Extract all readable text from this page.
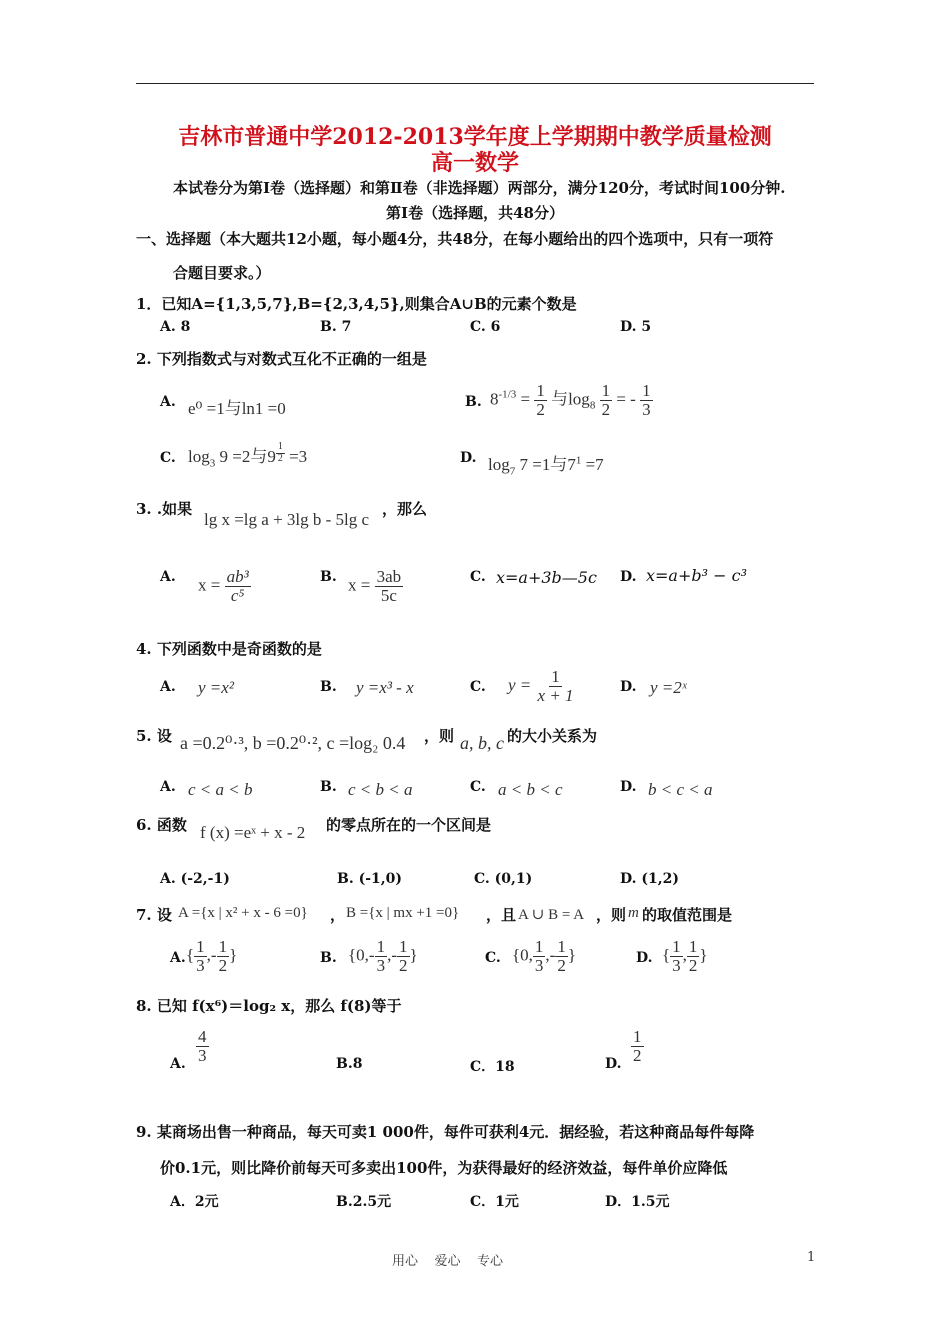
吉林市普通中学2012-2013学年度上学期期中教学质量检测
高一数学
本试卷分为第Ⅰ卷（选择题）和第Ⅱ卷（非选择题）两部分，满分120分，考试时间100分钟.
第Ⅰ卷（选择题，共48分）
一、选择题（本大题共12小题，每小题4分，共48分，在每小题给出的四个选项中，只有一项符
合题目要求。）
1．已知A={1,3,5,7},B={2,3,4,5},则集合A∪B的元素个数是
A. 8	B. 7	C. 6	D. 5
2. 下列指数式与对数式互化不正确的一组是
A. e⁰ =1与ln1 =0	B. $8^{-1/3} = \frac{1}{2}$ 与$\log_8 \frac{1}{2}$ = - $\frac{1}{3}$
C. $\log_3 9 =2$与9 $^{\frac{1}{2}}$ =3	D. $\log_7 7 =1$与$7^1 =7$
3. .如果
lg x =lg a + 3lg b - 5lg c
，那么
A. $x = \frac{\text{ab³}}{\text{c⁵}}$	B. $x = \frac{3ab}{5c}$	C. x=a+3b—5c D. x=a+b³ − c³
4. 下列函数中是奇函数的是
A. y =x²	B. y =x³ - x	C. $y = \frac{1}{x + 1}$	D. y =2ˣ
5. 设 a =0.2⁰·³, b =0.2⁰·², c =log₂ 0.4 ，则 a, b, c 的大小关系为
A. c < a < b	B. c < b < a	C. a < b < c	D. b < c < a
6. 函数 f (x) =eˣ + x - 2 的零点所在的一个区间是
A. (-2,-1)	B. (-1,0)	C. (0,1)	D. (1,2)
7. 设 A ={x | x² + x - 6 =0} ， B ={x | mx +1 =0} ，且 A ∪ B = A ，则 m 的取值范围是
A. { $\frac{1}{3}$ ,- $\frac{1}{2}$ }	B. {$0,- \frac{1}{3}$ ,- $\frac{1}{2}$ }	C. {0, $\frac{1}{3}$ ,- $\frac{1}{2}$ }	D. { $\frac{1}{3}$ , $\frac{1}{2}$ }
8. 已知 f(x⁶)＝log₂ x，那么 f(8)等于
A. $\frac{4}{3}$	B.8	C．18	D. $\frac{1}{2}$
9. 某商场出售一种商品，每天可卖1 000件，每件可获利4元．据经验，若这种商品每件每降
价0.1元，则比降价前每天可多卖出100件，为获得最好的经济效益，每件单价应降低
A．2元	B.2.5元	C．1元	D．1.5元
用心    爱心    专心	1
